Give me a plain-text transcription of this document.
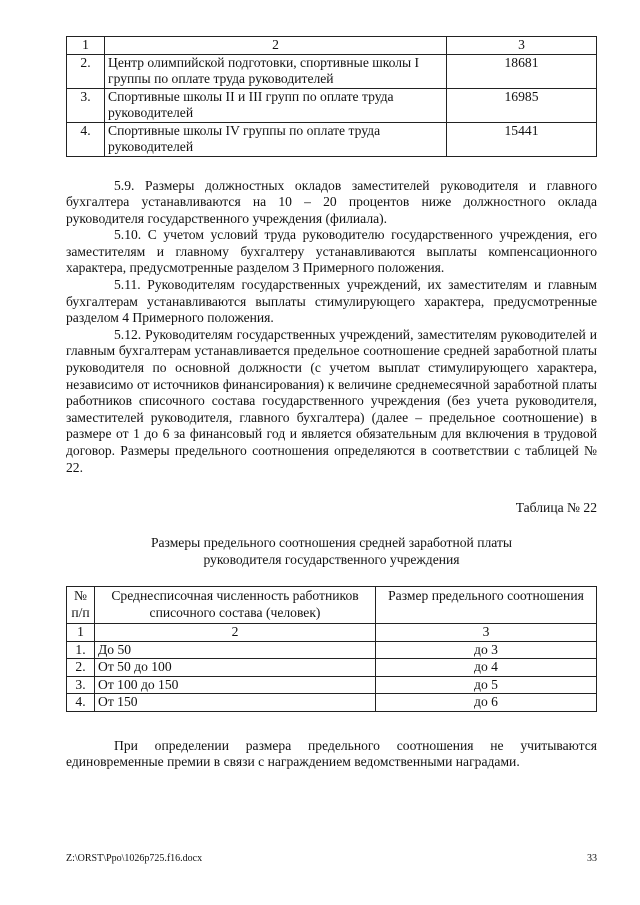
1	2	3
2.	Центр олимпийской подготовки, спортивные школы I группы по оплате труда руководителей	18681
3.	Спортивные школы II и III групп по оплате труда руководителей	16985
4.	Спортивные школы IV группы по оплате труда руководителей	15441

5.9. Размеры должностных окладов заместителей руководителя и главного бухгалтера устанавливаются на 10 – 20 процентов ниже должностного оклада руководителя государственного учреждения (филиала).

5.10. С учетом условий труда руководителю государственного учреждения, его заместителям и главному бухгалтеру устанавливаются выплаты компенсационного характера, предусмотренные разделом 3 Примерного положения.

5.11. Руководителям государственных учреждений, их заместителям и главным бухгалтерам устанавливаются выплаты стимулирующего характера, предусмотренные разделом 4 Примерного положения.

5.12. Руководителям государственных учреждений, заместителям руководителей и главным бухгалтерам устанавливается предельное соотношение средней заработной платы руководителя по основной должности (с учетом выплат стимулирующего характера, независимо от источников финансирования) к величине среднемесячной заработной платы работников списочного состава государственного учреждения (без учета руководителя, заместителей руководителя, главного бухгалтера) (далее – предельное соотношение) в размере от 1 до 6 за финансовый год и является обязательным для включения в трудовой договор. Размеры предельного соотношения определяются в соответствии с таблицей № 22.

Таблица № 22
Размеры предельного соотношения средней заработной платы
руководителя государственного учреждения
№ п/п	Среднесписочная численность работников списочного состава (человек)	Размер предельного соотношения
1	2	3
1.	До 50	до 3
2.	От 50 до 100	до 4
3.	От 100 до 150	до 5
4.	От 150	до 6

При определении размера предельного соотношения не учитываются единовременные премии в связи с награждением ведомственными наградами.

Z:\ORST\Ppo\1026p725.f16.docx	33
